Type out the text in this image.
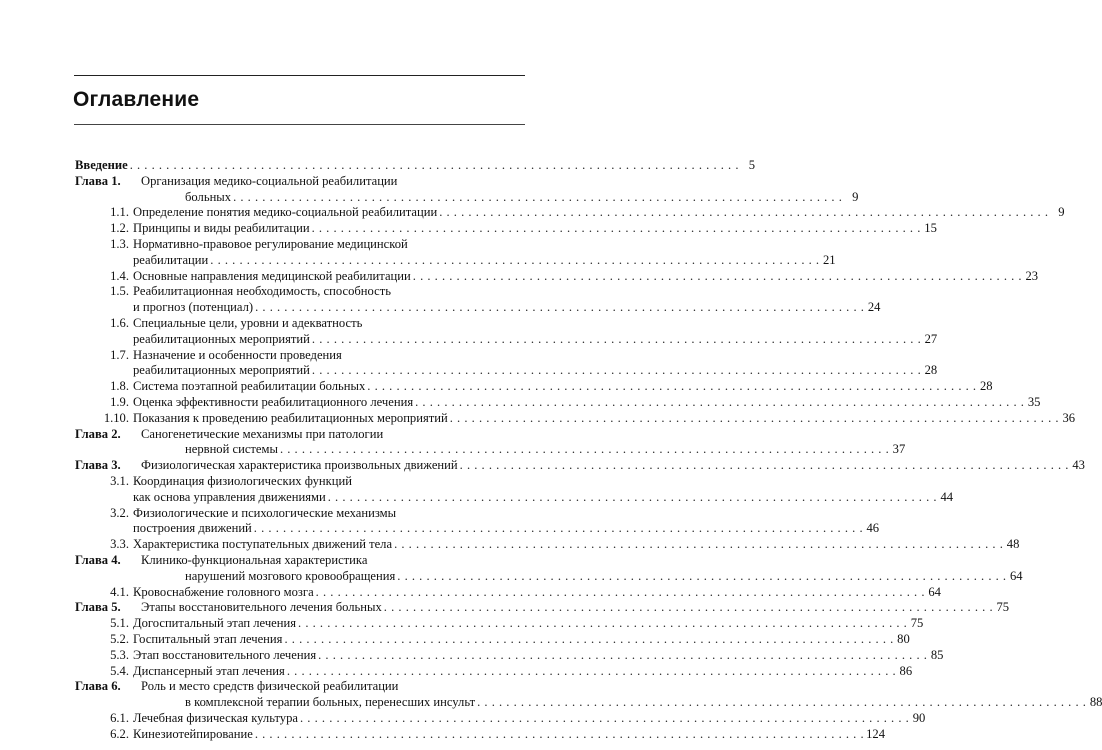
Оглавление
Введение . . .	5
Глава 1.	Организация медико-социальной реабилитации
больных . . .	9
1.1. Определение понятия медико-социальной реабилитации . . .	9
1.2. Принципы и виды реабилитации . . .	15
1.3. Нормативно-правовое регулирование медицинской
реабилитации . . .	21
1.4. Основные направления медицинской реабилитации . . .	23
1.5. Реабилитационная необходимость, способность
и прогноз (потенциал) . . .	24
1.6. Специальные цели, уровни и адекватность
реабилитационных мероприятий . . .	27
1.7. Назначение и особенности проведения
реабилитационных мероприятий . . .	28
1.8. Система поэтапной реабилитации больных . . .	28
1.9. Оценка эффективности реабилитационного лечения . . .	35
1.10. Показания к проведению реабилитационных мероприятий . . .	36
Глава 2.	Саногенетические механизмы при патологии
нервной системы . . .	37
Глава 3.	Физиологическая характеристика произвольных движений . . .	43
3.1. Координация физиологических функций
как основа управления движениями . . .	44
3.2. Физиологические и психологические механизмы
построения движений . . .	46
3.3. Характеристика поступательных движений тела . . .	48
Глава 4.	Клинико-функциональная характеристика
нарушений мозгового кровообращения . . .	64
4.1. Кровоснабжение головного мозга . . .	64
Глава 5.	Этапы восстановительного лечения больных . . .	75
5.1. Догоспитальный этап лечения . . .	75
5.2. Госпитальный этап лечения . . .	80
5.3. Этап восстановительного лечения . . .	85
5.4. Диспансерный этап лечения . . .	86
Глава 6.	Роль и место средств физической реабилитации
в комплексной терапии больных, перенесших инсульт . . .	88
6.1. Лечебная физическая культура . . .	90
6.2. Кинезиотейпирование . . .	124
